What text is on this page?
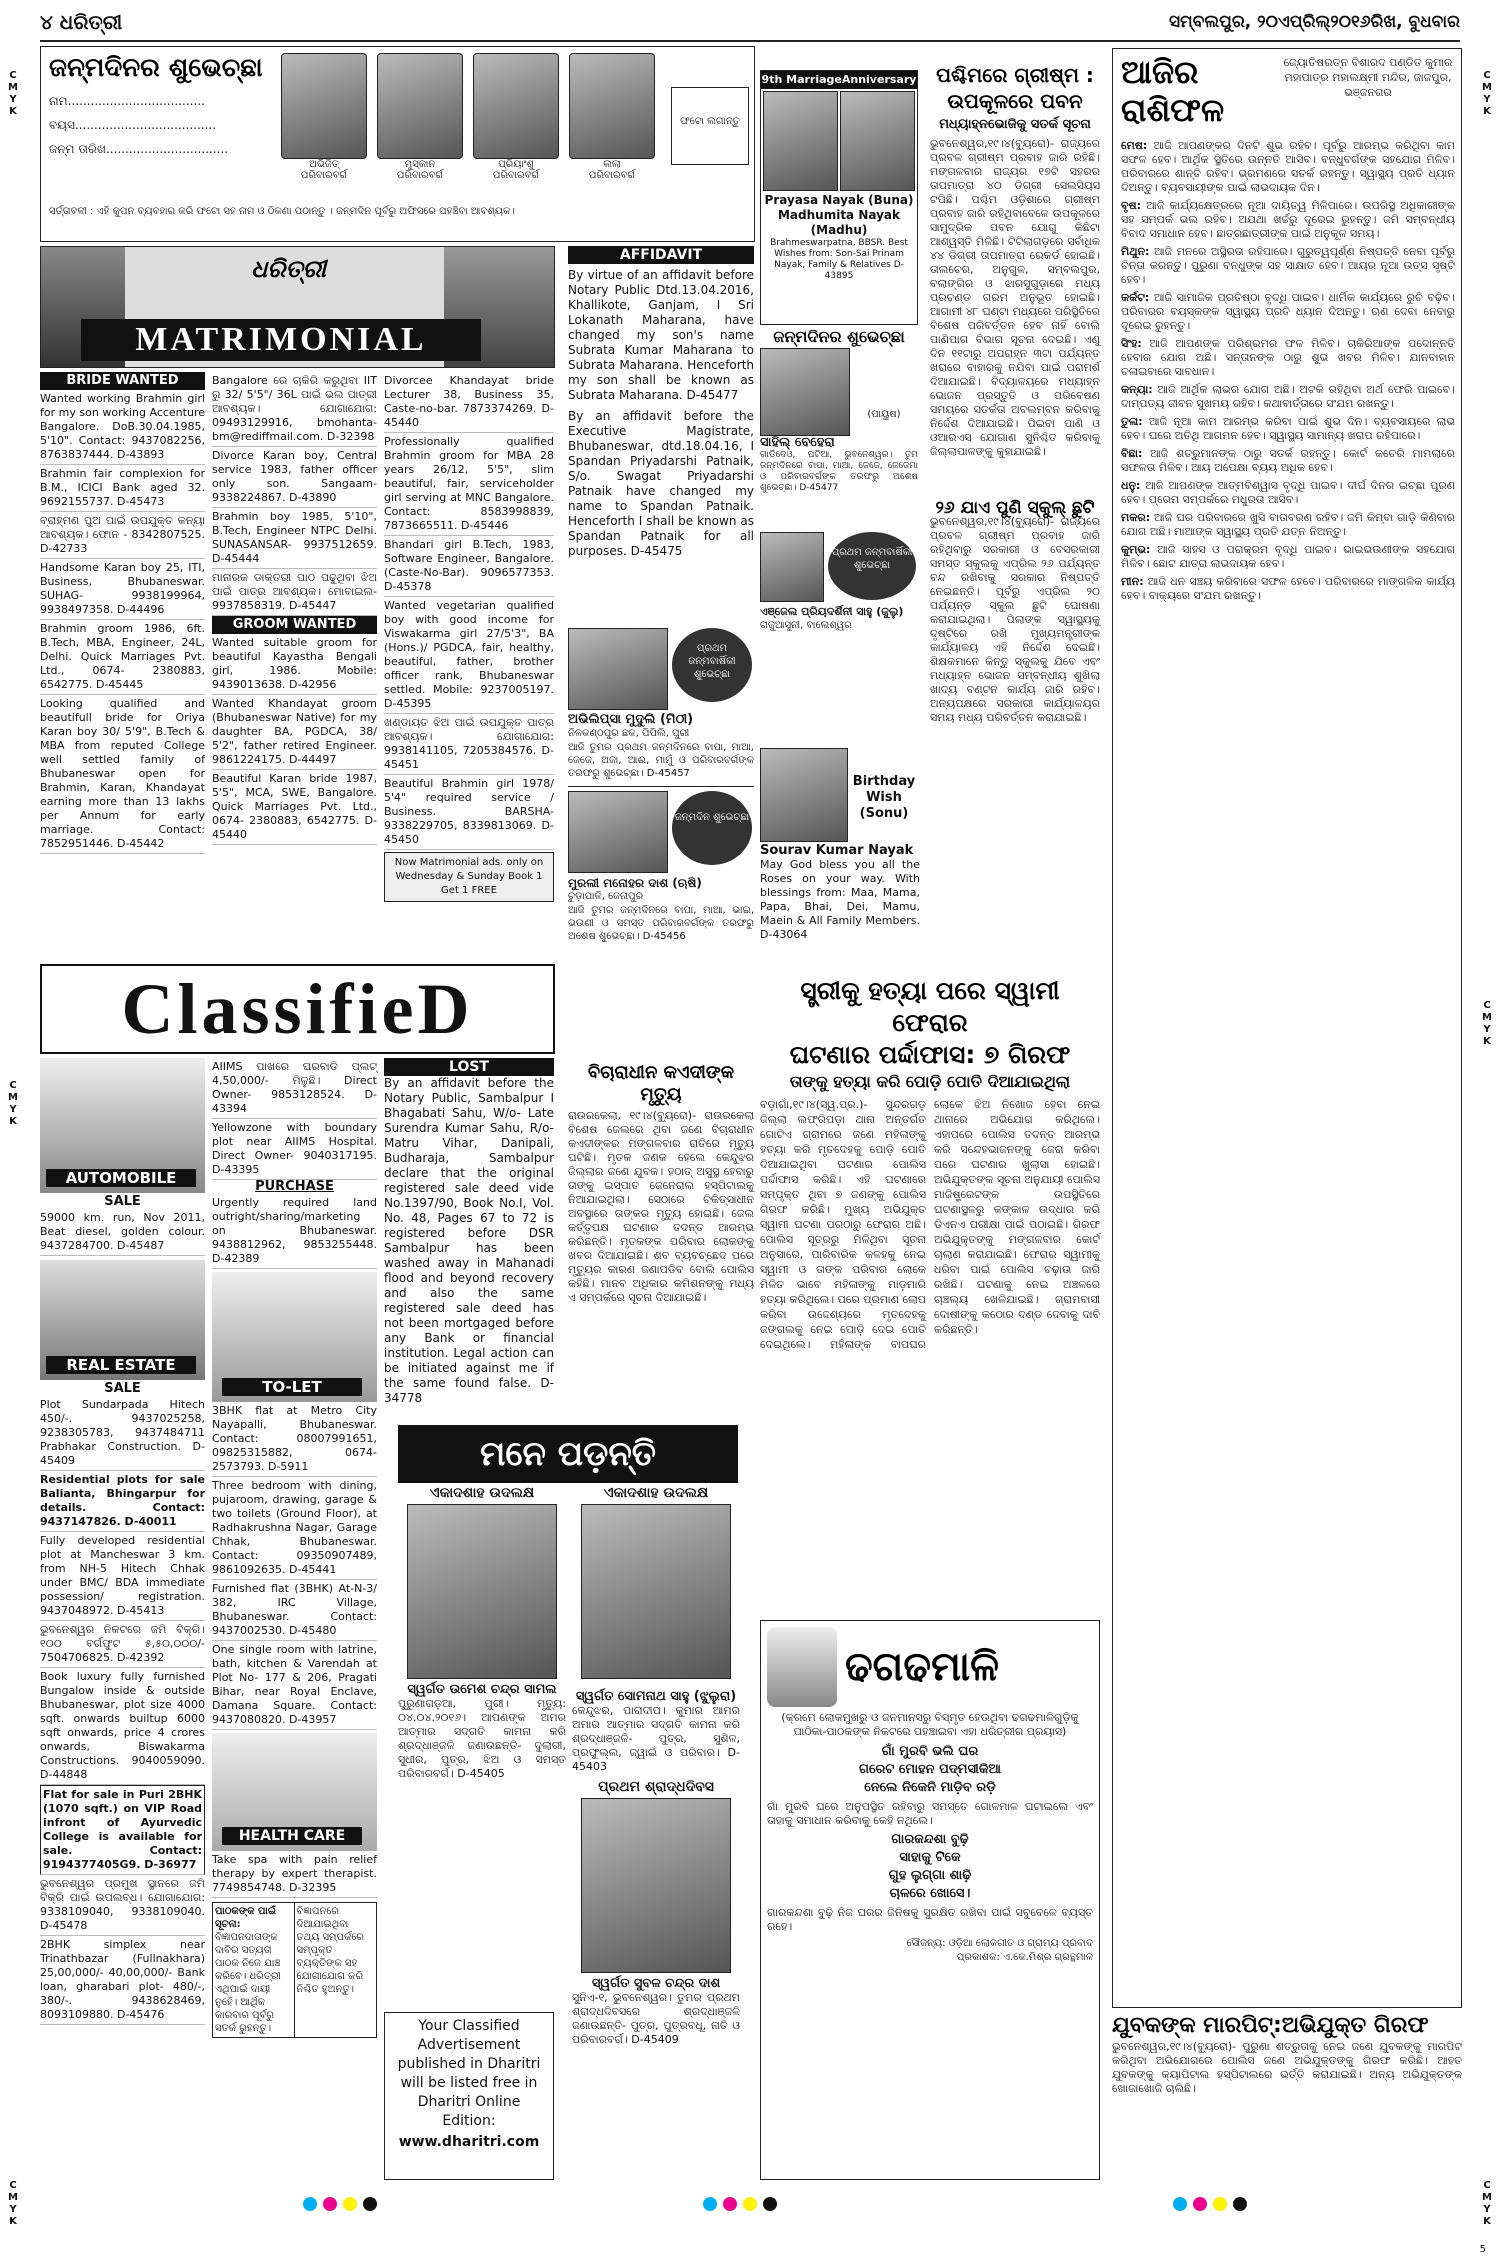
୪ ଧରିତ୍ରୀ	ସମ୍ବଲପୁର, ୨୦ଏପ୍ରିଲ୍୨୦୧୬ରିଖ, ବୁଧବାର
C
M
Y
K
C
M
Y
K
C
M
Y
K
C
M
Y
K
C
M
Y
K
C
M
Y
K
ଜନ୍ମଦିନର ଶୁଭେଚ୍ଛା
ନାମ....................................
ବୟସ.....................................
ଜନ୍ମ ତାରିଖ................................
ଅଭିଜିତ୍
ପରିବାରବର୍ଗ
ମୁସ୍କାନ
ପରିବାରବର୍ଗ
ପ୍ରିୟାଂଶୁ
ପରିବାରବର୍ଗ
ଲଲା
ପରିବାରବର୍ଗ
ଫଟୋ ଲଗାନ୍ତୁ
ସର୍ତ୍ତାବଳୀ : ଏହି କୁପନ ବ୍ୟବହାର କରି ଫଟୋ ସହ ନାମ ଓ ଠିକଣା ପଠାନ୍ତୁ । ଜନ୍ମଦିନ ପୂର୍ବରୁ ଅଫିସରେ ପହଞ୍ଚିବା ଆବଶ୍ୟକ।
ଧରିତ୍ରୀ
MATRIMONIAL
BRIDE WANTED
Wanted working Brahmin girl for my son working Accenture Bangalore. DoB.30.04.1985, 5'10". Contact: 9437082256, 8763837444. D-43893
Brahmin fair complexion for B.M., ICICI Bank aged 32. 9692155737. D-45473
ବ୍ରାହ୍ମଣ ପୁଅ ପାଇଁ ଉପଯୁକ୍ତ କନ୍ୟା ଆବଶ୍ୟକ। ଫୋନ - 8342807525. D-42733
Handsome Karan boy 25, ITI, Business, Bhubaneswar. SUHAG- 9938199964, 9938497358. D-44496
Brahmin groom 1986, 6ft. B.Tech, MBA, Engineer, 24L, Delhi. Quick Marriages Pvt. Ltd., 0674- 2380883, 6542775. D-45445
Looking qualified and beautifull bride for Oriya Karan boy 30/ 5'9", B.Tech & MBA from reputed College well settled family of Bhubaneswar open for Brahmin, Karan, Khandayat earning more than 13 lakhs per Annum for early marriage. Contact: 7852951446. D-45442
Bangalore ରେ ଚାକିରି କରୁଥିବା IIT ରୁ 32/ 5'5"/ 36L ପାଇଁ ଭଲ ପାତ୍ରୀ ଆବଶ୍ୟକ। ଯୋଗାଯୋଗ: 09493129916, bmohanta-bm@rediffmail.com. D-32398
Divorce Karan boy, Central service 1983, father officer only son. Sangaam- 9338224867. D-43890
Brahmin boy 1985, 5'10", B.Tech, Engineer NTPC Delhi. SUNASANSAR- 9937512659. D-45444
ମାନାରକ ଡାକ୍ତରୀ ପାଠ ପଢୁଥିବା ଝିଅ ପାଇଁ ପାତ୍ର ଆବଶ୍ୟକ। ମୋବାଇଲ- 9937858319. D-45447
GROOM WANTED
Wanted suitable groom for beautiful Kayastha Bengali girl, 1986. Mobile: 9439013638. D-42956
Wanted Khandayat groom (Bhubaneswar Native) for my daughter BA, PGDCA, 38/ 5'2", father retired Engineer. 9861224175. D-44497
Beautiful Karan bride 1987, 5'5", MCA, SWE, Bangalore. Quick Marriages Pvt. Ltd., 0674- 2380883, 6542775. D-45440
Divorcee Khandayat bride Lecturer 38, Business 35, Caste-no-bar. 7873374269. D-45440
Professionally qualified Brahmin groom for MBA 28 years 26/12, 5'5", slim beautiful, fair, serviceholder girl serving at MNC Bangalore. Contact: 8583998839, 7873665511. D-45446
Bhandari girl B.Tech, 1983, Software Engineer, Bangalore. (Caste-No-Bar). 9096577353. D-45378
Wanted vegetarian qualified boy with good income for Viswakarma girl 27/5'3", BA (Hons.)/ PGDCA, fair, healthy, beautiful, father, brother officer rank, Bhubaneswar settled. Mobile: 9237005197. D-45395
ଖଣ୍ଡାୟତ ଝିଅ ପାଇଁ ଉପଯୁକ୍ତ ପାତ୍ର ଆବଶ୍ୟକ। ଯୋଗାଯୋଗ: 9938141105, 7205384576. D-45451
Beautiful Brahmin girl 1978/ 5'4" required service / Business. BARSHA- 9338229705, 8339813069. D-45450
Now Matrimonial ads. only on Wednesday & Sunday Book 1 Get 1 FREE
AFFIDAVIT
By virtue of an affidavit before Notary Public Dtd.13.04.2016, Khallikote, Ganjam, I Sri Lokanath Maharana, have changed my son's name Subrata Kumar Maharana to Subrata Maharana. Henceforth my son shall be known as Subrata Maharana. D-45477
By an affidavit before the Executive Magistrate, Bhubaneswar, dtd.18.04.16, I Spandan Priyadarshi Patnaik, S/o. Swagat Priyadarshi Patnaik have changed my name to Spandan Patnaik. Henceforth I shall be known as Spandan Patnaik for all purposes. D-45475
ପ୍ରଥମ ଜନ୍ମବାର୍ଷିକୀ ଶୁଭେଚ୍ଛା
ଅଭିଲିପ୍ସା ମୁଦୁଲି (ମିଠୀ)
ନିଳକଣ୍ଠପୁର ଛକ, ପିପିଲି, ପୁରୀ
ଆଜି ତୁମର ପ୍ରଥମ ଜନ୍ମଦିନରେ ବାପା, ମାଆ, ଜେଜେ, ଅଜା, ଆଈ, ମାମୁଁ ଓ ପରିବାରବର୍ଗଙ୍କ ତରଫରୁ ଶୁଭେଚ୍ଛା। D-45457
ଜନ୍ମଦିନ ଶୁଭେଚ୍ଛା
ମୁରଲୀ ମନୋହର ଦାଶ (ଋଷି)
ଚୁଡ଼ାପାଳି, ଜେନାପୁର
ଆଜି ତୁମର ଜନ୍ମଦିନରେ ବାପା, ମାଆ, ଭାଇ, ଭଉଣୀ ଓ ସମସ୍ତ ପରିବାରବର୍ଗଙ୍କ ତରଫରୁ ଅଶେଷ ଶୁଭେଚ୍ଛା। D-45456
9th MarriageAnniversary
Prayasa Nayak (Buna) Madhumita Nayak (Madhu)
Brahmeswarpatna, BBSR. Best Wishes from: Son-Sai Prinam Nayak, Family & Relatives D-43895
ଜନ୍ମଦିନର ଶୁଭେଚ୍ଛା
(ପାୟୁଷ)
ସାହିଲ୍ ବେହେରା
ଗାଡିଦେଓ, ପଟିଆ, ଭୁବନେଶ୍ୱର। ତୁମ ଜନ୍ମଦିନରେ ବାପା, ମାଆ, ଜେଜେ, ଜେଜେମା ଓ ପରିବାରବର୍ଗଙ୍କ ତରଫରୁ ଅଶେଷ ଶୁଭେଚ୍ଛା। D-45477
ପ୍ରଥମ ଜନ୍ମବାର୍ଷିକୀ ଶୁଭେଚ୍ଛା
ଏଞ୍ଜେଲ ପ୍ରିୟଦର୍ଶିନୀ ସାହୁ (ଜୁଲୁ)
ରାଜୁଆସୁନୀ, ବାଲେଶ୍ୱର
ପଶ୍ଚିମରେ ଗ୍ରୀଷ୍ମ : ଉପକୂଳରେ ପବନ
ମଧ୍ୟାହ୍ନଭୋଜିକୁ ସତର୍କ ସୂଚନା
ଭୁବନେଶ୍ୱର,୧୯।୪(ବ୍ୟୁରୋ)- ରାଜ୍ୟରେ ପ୍ରବଳ ଗ୍ରୀଷ୍ମ ପ୍ରବାହ ଜାରି ରହିଛି। ମଙ୍ଗଳବାର ରାଜ୍ୟର ୧୭ଟି ସହରର ତାପମାତ୍ରା ୪୦ ଡିଗ୍ରୀ ସେଲସିୟସ ଟପିଛି। ପଶ୍ଚିମ ଓଡ଼ିଶାରେ ଗ୍ରୀଷ୍ମ ପ୍ରବାହ ଜାରି ରହିଥିବାବେଳେ ଉପକୂଳରେ ସାମୁଦ୍ରିକ ପବନ ଯୋଗୁ କିଛିଟା ଆଶ୍ୱସ୍ତି ମିଳିଛି। ଟିଟିଲାଗଡ଼ରେ ସର୍ବାଧିକ ୪୪ ଡିଗ୍ରୀ ତାପମାତ୍ରା ରେକର୍ଡ ହୋଇଛି। ତାଲଚେର, ଅନୁଗୁଳ, ସମ୍ବଲପୁର, ବଲାଙ୍ଗିର ଓ ଝାରସୁଗୁଡ଼ାରେ ମଧ୍ୟ ପ୍ରଚଣ୍ଡ ଗରମ ଅନୁଭୂତ ହୋଇଛି। ଆଗାମୀ ୪୮ ଘଣ୍ଟା ମଧ୍ୟରେ ପରିସ୍ଥିତିରେ ବିଶେଷ ପରିବର୍ତ୍ତନ ହେବ ନାହିଁ ବୋଲି ପାଣିପାଗ ବିଭାଗ ସୂଚନା ଦେଇଛି। ଏଣୁ ଦିନ ୧୧ଟାରୁ ଅପରାହ୍ନ ୩ଟା ପର୍ଯ୍ୟନ୍ତ ଖରାରେ ବାହାରକୁ ନଯିବା ପାଇଁ ପରାମର୍ଶ ଦିଆଯାଇଛି। ବିଦ୍ୟାଳୟରେ ମଧ୍ୟାହ୍ନ ଭୋଜନ ପ୍ରସ୍ତୁତି ଓ ପରିବେଷଣ ସମୟରେ ସତର୍କତା ଅବଲମ୍ବନ କରିବାକୁ ନିର୍ଦ୍ଦେଶ ଦିଆଯାଇଛି। ପିଇବା ପାଣି ଓ ଓଆରଏସ ଯୋଗାଣ ସୁନିଶ୍ଚିତ କରିବାକୁ ଜିଲ୍ଲାପାଳଙ୍କୁ କୁହାଯାଇଛି।
୨୬ ଯାଏ ପୁଣି ସ୍କୁଲ୍ ଛୁଟି
ଭୁବନେଶ୍ୱର,୧୯।୪(ବ୍ୟୁରୋ)- ରାଜ୍ୟରେ ପ୍ରବଳ ଗ୍ରୀଷ୍ମ ପ୍ରବାହ ଜାରି ରହିଥିବାରୁ ସରକାରୀ ଓ ବେସରକାରୀ ସମସ୍ତ ସ୍କୁଲକୁ ଏପ୍ରିଲ ୨୬ ପର୍ଯ୍ୟନ୍ତ ବନ୍ଦ ରଖିବାକୁ ସରକାର ନିଷ୍ପତ୍ତି ନେଇଛନ୍ତି। ପୂର୍ବରୁ ଏପ୍ରିଲ ୨୦ ପର୍ଯ୍ୟନ୍ତ ସ୍କୁଲ ଛୁଟି ଘୋଷଣା କରାଯାଇଥିଲା। ପିଲାଙ୍କ ସ୍ୱାସ୍ଥ୍ୟକୁ ଦୃଷ୍ଟିରେ ରଖି ମୁଖ୍ୟମନ୍ତ୍ରୀଙ୍କ କାର୍ଯ୍ୟାଳୟ ଏହି ନିର୍ଦ୍ଦେଶ ଦେଇଛି। ଶିକ୍ଷକମାନେ କିନ୍ତୁ ସ୍କୁଲକୁ ଯିବେ ଏବଂ ମଧ୍ୟାହ୍ନ ଭୋଜନ ସମ୍ବନ୍ଧୀୟ ଶୁଖିଲା ଖାଦ୍ୟ ବଣ୍ଟନ କାର୍ଯ୍ୟ ଜାରି ରହିବ। ଅନ୍ୟପକ୍ଷରେ ସରକାରୀ କାର୍ଯ୍ୟାଳୟର ସମୟ ମଧ୍ୟ ପରିବର୍ତ୍ତନ କରାଯାଇଛି।
Birthday Wish (Sonu)
Sourav Kumar Nayak
May God bless you all the Roses on your way. With blessings from: Maa, Mama, Papa, Bhai, Dei, Mamu, Maein & All Family Members. D-43064
ବିଚାରାଧୀନ କଏଦୀଙ୍କ ମୃତ୍ୟୁ
ରାଉରକେଲା, ୧୯।୪(ବ୍ୟୁରୋ)- ରାଉରକେଲା ବିଶେଷ ଜେଲରେ ଥିବା ଜଣେ ବିଚାରାଧୀନ କଏଦୀଙ୍କର ମଙ୍ଗଳବାର ରାତିରେ ମୃତ୍ୟୁ ଘଟିଛି। ମୃତକ ଜଣକ ହେଲେ କେନ୍ଦୁଝର ଜିଲ୍ଲାର ଜଣେ ଯୁବକ। ହଠାତ୍ ଅସୁସ୍ଥ ହେବାରୁ ତାଙ୍କୁ ଇସ୍ପାତ ଜେନେରାଲ ହସ୍ପିଟାଲକୁ ନିଆଯାଇଥିଲା। ସେଠାରେ ଚିକିତ୍ସାଧୀନ ଅବସ୍ଥାରେ ତାଙ୍କର ମୃତ୍ୟୁ ହୋଇଛି। ଜେଲ କର୍ତ୍ତୃପକ୍ଷ ଘଟଣାର ତଦନ୍ତ ଆରମ୍ଭ କରିଛନ୍ତି। ମୃତକଙ୍କ ପରିବାର ଲୋକଙ୍କୁ ଖବର ଦିଆଯାଇଛି। ଶବ ବ୍ୟବଚ୍ଛେଦ ପରେ ମୃତ୍ୟୁର କାରଣ ଜଣାପଡିବ ବୋଲି ପୋଲିସ କହିଛି। ମାନବ ଅଧିକାର କମିଶନଙ୍କୁ ମଧ୍ୟ ଏ ସମ୍ପର୍କରେ ସୂଚନା ଦିଆଯାଇଛି।
ClassifieD
AUTOMOBILE
SALE
59000 km. run, Nov 2011, Beat diesel, golden colour. 9437284700. D-45487
REAL ESTATE
SALE
Plot Sundarpada Hitech 450/-. 9437025258, 9238305783, 9437484711 Prabhakar Construction. D-45409
Residential plots for sale Balianta, Bhingarpur for details. Contact: 9437147826. D-40011
Fully developed residential plot at Mancheswar 3 km. from NH-5 Hitech Chhak under BMC/ BDA immediate possession/ registration. 9437048972. D-45413
ଭୁବନେଶ୍ୱର ନିକଟରେ ଜମି ବିକ୍ରି। ୧୦୦ ବର୍ଗଫୁଟ ୫,୫୦,୦୦୦/- 7504706825. D-42392
Book luxury fully furnished Bungalow inside & outside Bhubaneswar, plot size 4000 sqft. onwards builtup 6000 sqft onwards, price 4 crores onwards, Biswakarma Constructions. 9040059090. D-44848
Flat for sale in Puri 2BHK (1070 sqft.) on VIP Road infront of Ayurvedic College is available for sale. Contact: 9194377405G9. D-36977
ଭୁବନେଶ୍ୱର ପ୍ରମୁଖ ସ୍ଥାନରେ ଜମି ବିକ୍ରି ପାଇଁ ଉପଲବ୍ଧ। ଯୋଗାଯୋଗ: 9338109040, 9338109040. D-45478
2BHK simplex near Trinathbazar (Fullnakhara) 25,00,000/- 40,00,000/- Bank loan, gharabari plot- 480/-, 380/-. 9438628469, 8093109880. D-45476
AIIMS ପାଖରେ ଘରବାଡି ପ୍ଲଟ୍ 4,50,000/- ମିଳୁଛି। Direct Owner- 9853128524. D-43394
Yellowzone with boundary plot near AIIMS Hospital. Direct Owner- 9040317195. D-43395
PURCHASE
Urgently required land outright/sharing/marketing on Bhubaneswar. 9438812962, 9853255448. D-42389
TO-LET
3BHK flat at Metro City Nayapalli, Bhubaneswar. Contact: 08007991651, 09825315882, 0674- 2573793. D-5911
Three bedroom with dining, pujaroom, drawing, garage & two toilets (Ground Floor), at Radhakrushna Nagar, Garage Chhak, Bhubaneswar. Contact: 09350907489, 9861092635. D-45441
Furnished flat (3BHK) At-N-3/ 382, IRC Village, Bhubaneswar. Contact: 9437002530. D-45480
One single room with latrine, bath, kitchen & Varendah at Plot No- 177 & 206, Pragati Bihar, near Royal Enclave, Damana Square. Contact: 9437080820. D-43957
HEALTH CARE
Take spa with pain relief therapy by expert therapist. 7749854748. D-32395
ପାଠକଙ୍କ ପାଇଁ ସୂଚନା:
ବିଜ୍ଞାପନଦାତାଙ୍କ ଦାବିର ସତ୍ୟତା ପାଠକ ନିଜେ ଯାଞ୍ଚ କରିବେ। ଧରିତ୍ରୀ ଏଥିପାଇଁ ଦାୟୀ ନୁହେଁ। ଆର୍ଥିକ କାରବାର ପୂର୍ବରୁ ସତର୍କ ରୁହନ୍ତୁ।
ବିଜ୍ଞାପନରେ ଦିଆଯାଇଥିବା ତଥ୍ୟ ସମ୍ପର୍କରେ ସମ୍ପୃକ୍ତ ବ୍ୟକ୍ତିଙ୍କ ସହ ଯୋଗାଯୋଗ କରି ନିଶ୍ଚିତ ହୁଅନ୍ତୁ।
LOST
By an affidavit before the Notary Public, Sambalpur I Bhagabati Sahu, W/o- Late Surendra Kumar Sahu, R/o- Matru Vihar, Danipali, Budharaja, Sambalpur declare that the original registered sale deed vide No.1397/90, Book No.I, Vol. No. 48, Pages 67 to 72 is registered before DSR Sambalpur has been washed away in Mahanadi flood and beyond recovery and also the same registered sale deed has not been mortgaged before any Bank or financial institution. Legal action can be initiated against me if the same found false. D-34778
Your Classified Advertisement published in Dharitri will be listed free in Dharitri Online Edition:
www.dharitri.com
ମନେ ପଡ଼ନ୍ତି
ଏକାଦଶାହ ଉଦଲକ୍ଷ
ସ୍ୱର୍ଗତ ଉମେଶ ଚନ୍ଦ୍ର ସାମଲ
ପୁରୁଣାଗଡ଼ଆ, ପୁରୀ। ମୃତ୍ୟୁ: ୦୪.୦୪.୨୦୧୬। ଆପଣଙ୍କ ଅମର ଆତ୍ମାର ସଦ୍‌ଗତି କାମନା କରି ଶ୍ରଦ୍ଧାଞ୍ଜଳି ଜଣାଉଛନ୍ତି- ଦୁଲାରୀ, ସୁଧୀର, ପୁତ୍ର, ଝିଅ ଓ ସମସ୍ତ ପରିବାରବର୍ଗ। D-45405
ଏକାଦଶାହ ଉଦଲକ୍ଷ
ସ୍ୱର୍ଗତ ସୋମନାଥ ସାହୁ (ଝୁଲୁରା)
କେନ୍ଦୁଝର, ପାରାଦୀପ। କୁମାର ଆମର ଅମାର ଆତ୍ମାର ସଦ୍‌ଗତି କାମନା କରି ଶ୍ରଦ୍ଧାଞ୍ଜଳି- ପୁତ୍ର, ସୁଶିଳ, ପ୍ରଫୁଲ୍ଲ, ଜ୍ୱାଇଁ ଓ ପରିବାର। D-45403
ପ୍ରଥମ ଶ୍ରାଦ୍ଧଦିବସ
ସ୍ୱର୍ଗତ ସୁବଳ ଚନ୍ଦ୍ର ଦାଶ
ସୁନିଏ-୧, ଭୁବନେଶ୍ୱର। ତୁମର ପ୍ରଥମ ଶ୍ରାଦ୍ଧଦିବସରେ ଶ୍ରଦ୍ଧାଞ୍ଜଳି ଜଣାଉଛନ୍ତି- ପୁତ୍ର, ପୁତ୍ରବଧୂ, ନାତି ଓ ପରିବାରବର୍ଗ। D-45409
ସ୍ତ୍ରୀକୁ ହତ୍ୟା ପରେ ସ୍ୱାମୀ ଫେରାର
ଘଟଣାର ପର୍ଦ୍ଦାଫାସ: ୭ ଗିରଫ
ତାଙ୍କୁ ହତ୍ୟା କରି ପୋଡ଼ି ପୋତି ଦିଆଯାଇଥିଲା
ବଡ଼ାଗାଁ,୧୯।୪(ସ୍ୱ.ପ୍ର.)- ସୁନ୍ଦରଗଡ଼ ଜିଲ୍ଲା ଲଫ୍ରିପଡ଼ା ଥାନା ଅନ୍ତର୍ଗତ ଗୋଟିଏ ଗ୍ରାମରେ ଜଣେ ମହିଳାଙ୍କୁ ହତ୍ୟା କରି ମୃତଦେହକୁ ପୋଡ଼ି ପୋତି ଦିଆଯାଇଥିବା ଘଟଣାର ପୋଲିସ ପର୍ଦ୍ଦାଫାସ କରିଛି। ଏହି ଘଟଣାରେ ସମ୍ପୃକ୍ତ ଥିବା ୭ ଜଣଙ୍କୁ ପୋଲିସ ଗିରଫ କରିଛି। ମୁଖ୍ୟ ଅଭିଯୁକ୍ତ ସ୍ୱାମୀ ଘଟଣା ପରଠାରୁ ଫେରାର ଅଛି। ପୋଲିସ ସୂତ୍ରରୁ ମିଳିଥିବା ସୂଚନା ଅନୁସାରେ, ପାରିବାରିକ କଳହକୁ ନେଇ ସ୍ୱାମୀ ଓ ତାଙ୍କ ପରିବାର ଲୋକେ ମିଳିତ ଭାବେ ମହିଳାଙ୍କୁ ମାଡ଼ମାରି ହତ୍ୟା କରିଥିଲେ। ପରେ ପ୍ରମାଣ ଲୋପ କରିବା ଉଦ୍ଦେଶ୍ୟରେ ମୃତଦେହକୁ ଜଙ୍ଗଲକୁ ନେଇ ପୋଡ଼ି ଦେଇ ପୋତି ଦେଇଥିଲେ। ମହିଳାଙ୍କ ବାପଘର ଲୋକେ ଝିଅ ନିଖୋଜ ହେବା ନେଇ ଥାନାରେ ଅଭିଯୋଗ କରିଥିଲେ। ଏହାପରେ ପୋଲିସ ତଦନ୍ତ ଆରମ୍ଭ କରି ସନ୍ଦେହଭାଜନଙ୍କୁ ଜେରା କରିବା ପରେ ଘଟଣାର ଖୁଲାସା ହୋଇଛି। ଅଭିଯୁକ୍ତଙ୍କ ସୂଚନା ଅନୁଯାୟୀ ପୋଲିସ ମାଜିଷ୍ଟ୍ରେଟଙ୍କ ଉପସ୍ଥିତିରେ ଘଟଣାସ୍ଥଳରୁ କଙ୍କାଳ ଉଦ୍ଧାର କରି ଡିଏନଏ ପରୀକ୍ଷା ପାଇଁ ପଠାଇଛି। ଗିରଫ ଅଭିଯୁକ୍ତଙ୍କୁ ମଙ୍ଗଳବାର କୋର୍ଟ ଚାଲାଣ କରାଯାଇଛି। ଫେରାର ସ୍ୱାମୀକୁ ଧରିବା ପାଇଁ ପୋଲିସ ଚଢ଼ାଉ ଜାରି ରଖିଛି। ଘଟଣାକୁ ନେଇ ଅଞ୍ଚଳରେ ଚାଞ୍ଚଲ୍ୟ ଖେଳିଯାଇଛି। ଗ୍ରାମବାସୀ ଦୋଷୀଙ୍କୁ କଠୋର ଦଣ୍ଡ ଦେବାକୁ ଦାବି କରିଛନ୍ତି।
ଢଗଢମାଳି
(କ୍ରମେ ଲୋକମୁଖରୁ ଓ ଜନମାନସରୁ ବିସ୍ମୃତ ହେଉଥିବା ଢଗଢମାଳିଗୁଡ଼ିକୁ ପାଠିକା-ପାଠକଙ୍କ ନିକଟରେ ପହଞ୍ଚାଇବା ଏହା ଧରିତ୍ରୀର ପ୍ରୟାସ)
ଗାଁ ମୁରବି ଭଲି ଘର
ଗରେଟ ମୋହନ ପଦ୍ମସୀକିଆ
ନେଲେ ନିକେନି ମାଡ଼ିବ ରଡ଼ି
ଗାଁ ମୁରବି ଘରେ ଅନୁପସ୍ଥିତ ରହିବାରୁ ସମସ୍ତେ ଗୋଳମାଳ ଘଟାଇଲେ ଏବଂ ତାହାକୁ ସମାଧାନ କରିବାକୁ କେହି ନଥିଲେ।
ଗାରକନ୍ଦଶା ବୁଢ଼ି
ସାହାକୁ ଟିକେ
ଗୁହ ଲୁଗ୍ଗା ଶାଢ଼ି
ଚାଳରେ ଖୋସେ।
ଗାରକନ୍ଦଶା ବୁଢ଼ି ନିଜ ଘରର ଜିନିଷକୁ ସୁରକ୍ଷିତ ରଖିବା ପାଇଁ ସବୁବେଳେ ବ୍ୟସ୍ତ ରହେ।
ସୌଜନ୍ୟ: ଓଡ଼ିଆ ଲୋକଗୀତ ଓ ଗ୍ରାମ୍ୟ ପ୍ରବାଦ
ପ୍ରକାଶକ: ଏ.କେ.ମିଶ୍ର ଗ୍ରନ୍ଥମାଳ
ଆଜିର ରାଶିଫଳ
ଜ୍ୟୋତିଷରତ୍ନ ବିଶାରଦ ପଣ୍ଡିତ କୁମାର ମହାପାତ୍ର ମହାଲକ୍ଷ୍ମୀ ମନ୍ଦିର, ଜାଜପୁର, ଭଞ୍ଜନଗର
ମେଷ: ଆଜି ଆପଣଙ୍କର ଦିନଟି ଶୁଭ ରହିବ। ପୂର୍ବରୁ ଆରମ୍ଭ କରିଥିବା କାମ ସଫଳ ହେବ। ଆର୍ଥିକ ସ୍ଥିତିରେ ଉନ୍ନତି ଆସିବ। ବନ୍ଧୁବର୍ଗଙ୍କ ସହଯୋଗ ମିଳିବ। ପରିବାରରେ ଶାନ୍ତି ରହିବ। ଭ୍ରମଣରେ ସତର୍କ ରହନ୍ତୁ। ସ୍ୱାସ୍ଥ୍ୟ ପ୍ରତି ଧ୍ୟାନ ଦିଅନ୍ତୁ। ବ୍ୟବସାୟୀଙ୍କ ପାଇଁ ଲାଭଦାୟକ ଦିନ।
ବୃଷ: ଆଜି କାର୍ଯ୍ୟକ୍ଷେତ୍ରରେ ନୂଆ ଦାୟିତ୍ୱ ମିଳିପାରେ। ଉପରିସ୍ଥ ଅଧିକାରୀଙ୍କ ସହ ସମ୍ପର୍କ ଭଲ ରହିବ। ଅଯଥା ଖର୍ଚ୍ଚରୁ ଦୂରେଇ ରୁହନ୍ତୁ। ଜମି ସମ୍ବନ୍ଧୀୟ ବିବାଦ ସମାଧାନ ହେବ। ଛାତ୍ରଛାତ୍ରୀଙ୍କ ପାଇଁ ଅନୁକୂଳ ସମୟ।
ମିଥୁନ: ଆଜି ମନରେ ଅସ୍ଥିରତା ରହିପାରେ। ଗୁରୁତ୍ୱପୂର୍ଣ୍ଣ ନିଷ୍ପତ୍ତି ନେବା ପୂର୍ବରୁ ଚିନ୍ତା କରନ୍ତୁ। ପୁରୁଣା ବନ୍ଧୁଙ୍କ ସହ ସାକ୍ଷାତ ହେବ। ଆୟର ନୂଆ ଉତ୍ସ ସୃଷ୍ଟି ହେବ।
କର୍କଟ: ଆଜି ସାମାଜିକ ପ୍ରତିଷ୍ଠା ବୃଦ୍ଧି ପାଇବ। ଧାର୍ମିକ କାର୍ଯ୍ୟରେ ରୁଚି ବଢ଼ିବ। ପରିବାରର ବୟସ୍କଙ୍କ ସ୍ୱାସ୍ଥ୍ୟ ପ୍ରତି ଧ୍ୟାନ ଦିଅନ୍ତୁ। ଋଣ ଦେବା ନେବାରୁ ଦୂରେଇ ରୁହନ୍ତୁ।
ସିଂହ: ଆଜି ଆପଣଙ୍କ ପରିଶ୍ରମର ଫଳ ମିଳିବ। ଚାକିରିଆଙ୍କ ପଦୋନ୍ନତି ହେବାର ଯୋଗ ଅଛି। ସନ୍ତାନଙ୍କ ଠାରୁ ଶୁଭ ଖବର ମିଳିବ। ଯାନବାହାନ ଚଳାଇବାରେ ସାବଧାନ।
କନ୍ୟା: ଆଜି ଆର୍ଥିକ ଲାଭର ଯୋଗ ଅଛି। ଅଟକି ରହିଥିବା ଅର୍ଥ ଫେରି ପାଇବେ। ଦାମ୍ପତ୍ୟ ଜୀବନ ସୁଖମୟ ରହିବ। କଥାବାର୍ତ୍ତାରେ ସଂଯମ ରଖନ୍ତୁ।
ତୁଳା: ଆଜି ନୂଆ କାମ ଆରମ୍ଭ କରିବା ପାଇଁ ଶୁଭ ଦିନ। ବ୍ୟବସାୟରେ ଲାଭ ହେବ। ଘରେ ଅତିଥି ଆଗମନ ହେବ। ସ୍ୱାସ୍ଥ୍ୟ ସାମାନ୍ୟ ଖରାପ ରହିପାରେ।
ବିଛା: ଆଜି ଶତ୍ରୁମାନଙ୍କ ଠାରୁ ସତର୍କ ରହନ୍ତୁ। କୋର୍ଟ କଚେରି ମାମଲାରେ ସଫଳତା ମିଳିବ। ଆୟ ଅପେକ୍ଷା ବ୍ୟୟ ଅଧିକ ହେବ।
ଧନୁ: ଆଜି ଆପଣଙ୍କ ଆତ୍ମବିଶ୍ୱାସ ବୃଦ୍ଧି ପାଇବ। ଦୀର୍ଘ ଦିନର ଇଚ୍ଛା ପୂରଣ ହେବ। ପ୍ରେମ ସମ୍ପର୍କରେ ମଧୁରତା ଆସିବ।
ମକର: ଆଜି ଘର ପରିବାରରେ ଖୁସି ବାତାବରଣ ରହିବ। ଜମି କିମ୍ବା ଗାଡ଼ି କିଣିବାର ଯୋଗ ଅଛି। ମାଆଙ୍କ ସ୍ୱାସ୍ଥ୍ୟ ପ୍ରତି ଯତ୍ନ ନିଅନ୍ତୁ।
କୁମ୍ଭ: ଆଜି ସାହସ ଓ ପରାକ୍ରମ ବୃଦ୍ଧି ପାଇବ। ଭାଇଭଉଣୀଙ୍କ ସହଯୋଗ ମିଳିବ। ଛୋଟ ଯାତ୍ରା ଲାଭଦାୟକ ହେବ।
ମୀନ: ଆଜି ଧନ ସଞ୍ଚୟ କରିବାରେ ସଫଳ ହେବେ। ପରିବାରରେ ମାଙ୍ଗଳିକ କାର୍ଯ୍ୟ ହେବ। ବାକ୍ୟରେ ସଂଯମ ରଖନ୍ତୁ।
ଯୁବକଙ୍କ ମାରପିଟ୍:ଅଭିଯୁକ୍ତ ଗିରଫ
ଭୁବନେଶ୍ୱର,୧୯।୪(ବ୍ୟୁରୋ)- ପୁରୁଣା ଶତ୍ରୁତାକୁ ନେଇ ଜଣେ ଯୁବକଙ୍କୁ ମାରପିଟ କରିଥିବା ଅଭିଯୋଗରେ ପୋଲିସ ଜଣେ ଅଭିଯୁକ୍ତଙ୍କୁ ଗିରଫ କରିଛି। ଆହତ ଯୁବକଙ୍କୁ କ୍ୟାପିଟାଲ ହସ୍ପିଟାଲରେ ଭର୍ତ୍ତି କରାଯାଇଛି। ଅନ୍ୟ ଅଭିଯୁକ୍ତଙ୍କ ଖୋଜାଖୋଜି ଚାଲିଛି।
5
